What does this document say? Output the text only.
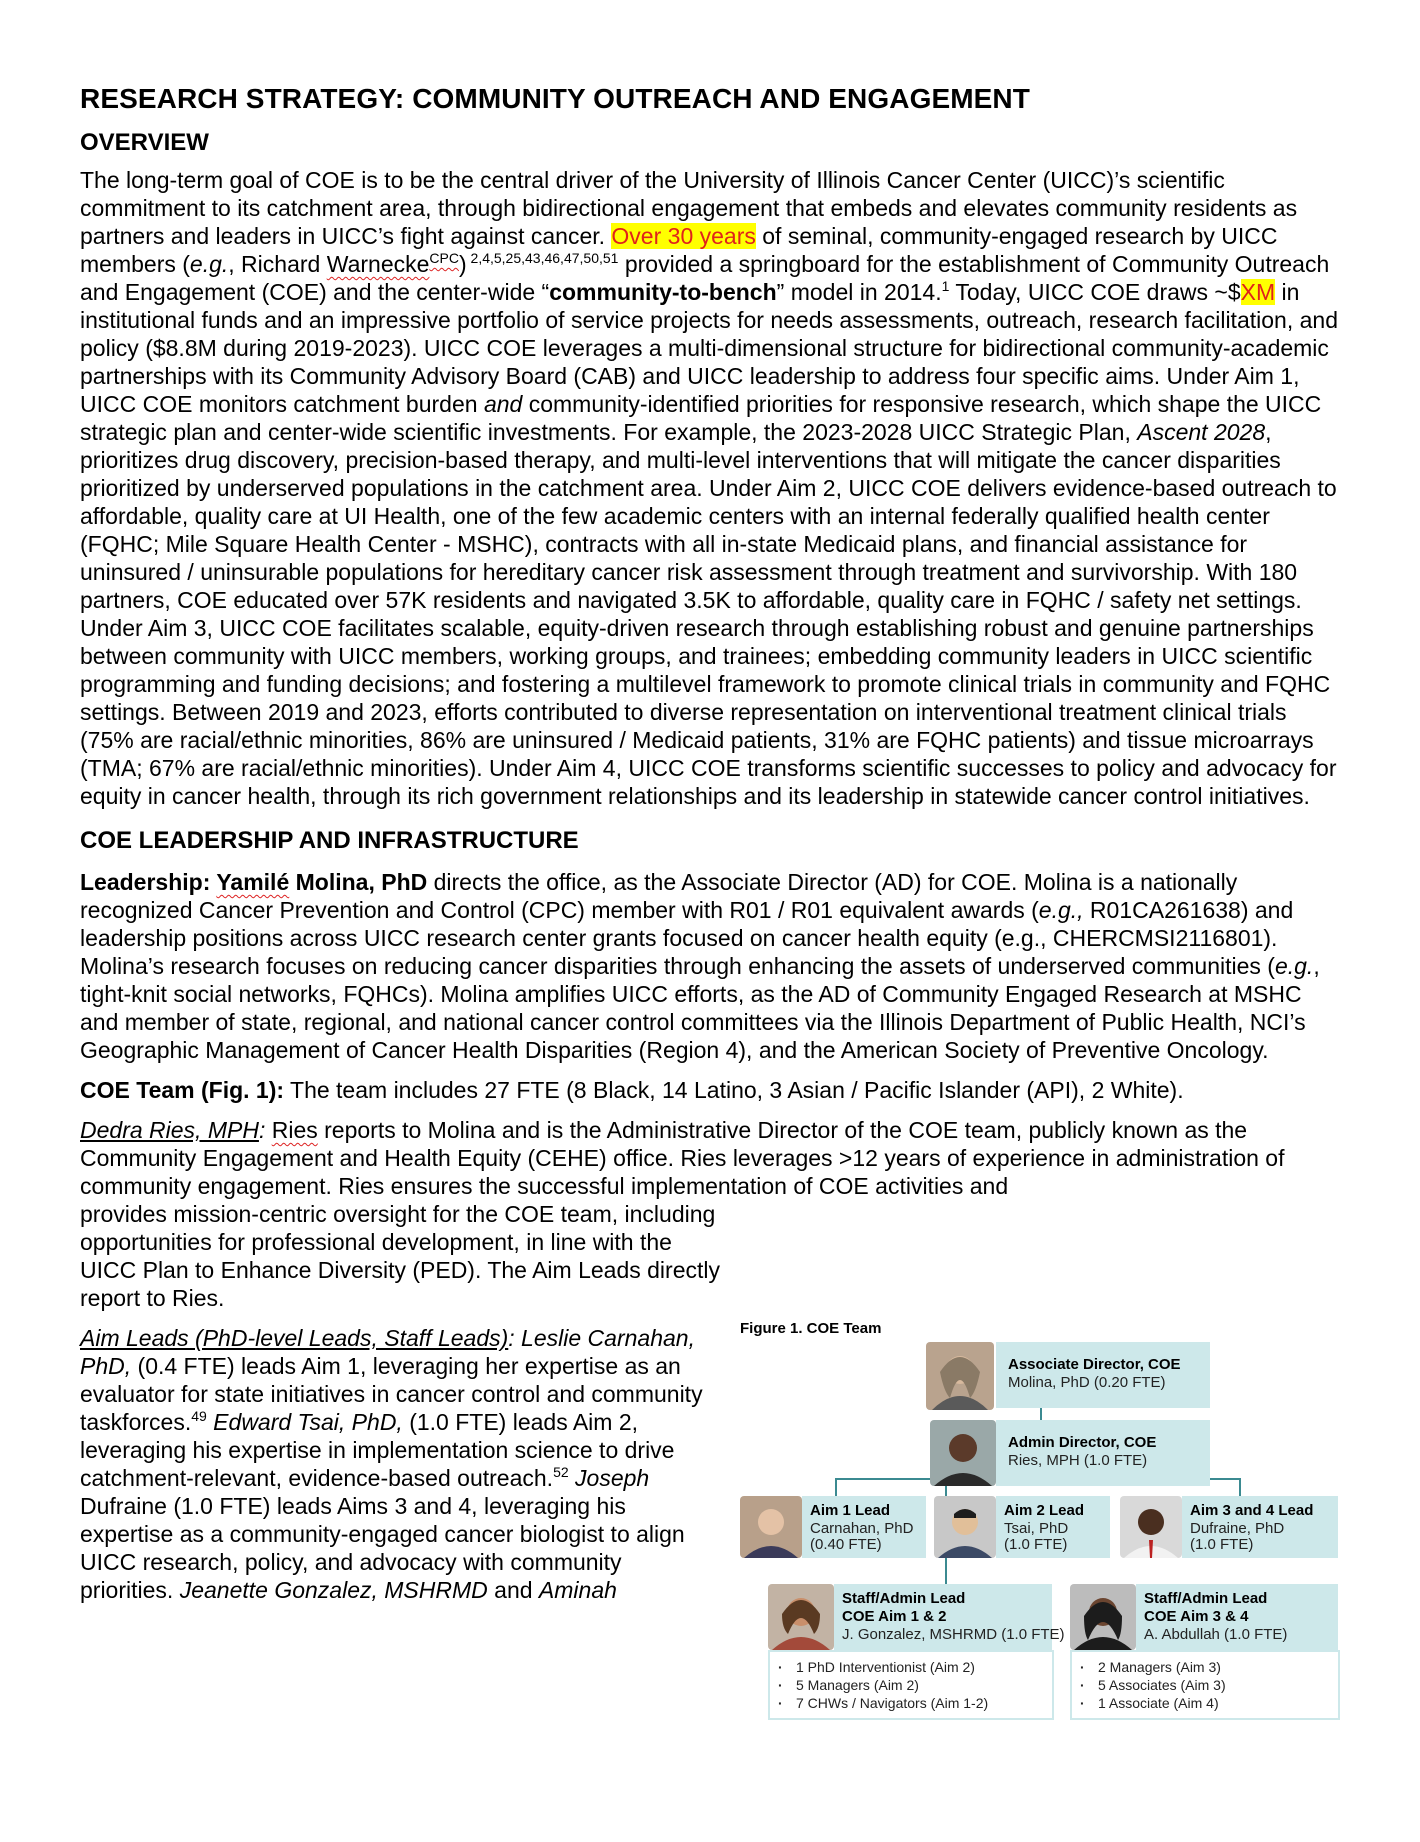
RESEARCH STRATEGY: COMMUNITY OUTREACH AND ENGAGEMENT
OVERVIEW

The long-term goal of COE is to be the central driver of the University of Illinois Cancer Center (UICC)’s scientific commitment to its catchment area, through bidirectional engagement that embeds and elevates community residents as partners and leaders in UICC’s fight against cancer. Over 30 years of seminal, community-engaged research by UICC members (e.g., Richard Warnecke$^{CPC}$) $^{2,4,5,25,43,46,47,50,51}$ provided a springboard for the establishment of Community Outreach and Engagement (COE) and the center-wide “community-to-bench” model in 2014.$^1$ Today, UICC COE draws ~$XM in institutional funds and an impressive portfolio of service projects for needs assessments, outreach, research facilitation, and policy ($8.8M during 2019-2023). UICC COE leverages a multi-dimensional structure for bidirectional community-academic partnerships with its Community Advisory Board (CAB) and UICC leadership to address four specific aims. Under Aim 1, UICC COE monitors catchment burden and community-identified priorities for responsive research, which shape the UICC strategic plan and center-wide scientific investments. For example, the 2023-2028 UICC Strategic Plan, Ascent 2028, prioritizes drug discovery, precision-based therapy, and multi-level interventions that will mitigate the cancer disparities prioritized by underserved populations in the catchment area. Under Aim 2, UICC COE delivers evidence-based outreach to affordable, quality care at UI Health, one of the few academic centers with an internal federally qualified health center (FQHC; Mile Square Health Center - MSHC), contracts with all in-state Medicaid plans, and financial assistance for uninsured / uninsurable populations for hereditary cancer risk assessment through treatment and survivorship. With 180 partners, COE educated over 57K residents and navigated 3.5K to affordable, quality care in FQHC / safety net settings. Under Aim 3, UICC COE facilitates scalable, equity-driven research through establishing robust and genuine partnerships between community with UICC members, working groups, and trainees; embedding community leaders in UICC scientific programming and funding decisions; and fostering a multilevel framework to promote clinical trials in community and FQHC settings. Between 2019 and 2023, efforts contributed to diverse representation on interventional treatment clinical trials (75% are racial/ethnic minorities, 86% are uninsured / Medicaid patients, 31% are FQHC patients) and tissue microarrays (TMA; 67% are racial/ethnic minorities). Under Aim 4, UICC COE transforms scientific successes to policy and advocacy for equity in cancer health, through its rich government relationships and its leadership in statewide cancer control initiatives.

COE LEADERSHIP AND INFRASTRUCTURE

Leadership: Yamilé Molina, PhD directs the office, as the Associate Director (AD) for COE. Molina is a nationally recognized Cancer Prevention and Control (CPC) member with R01 / R01 equivalent awards (e.g., R01CA261638) and leadership positions across UICC research center grants focused on cancer health equity (e.g., CHERCMSI2116801). Molina’s research focuses on reducing cancer disparities through enhancing the assets of underserved communities (e.g., tight-knit social networks, FQHCs). Molina amplifies UICC efforts, as the AD of Community Engaged Research at MSHC and member of state, regional, and national cancer control committees via the Illinois Department of Public Health, NCI’s Geographic Management of Cancer Health Disparities (Region 4), and the American Society of Preventive Oncology.

COE Team (Fig. 1): The team includes 27 FTE (8 Black, 14 Latino, 3 Asian / Pacific Islander (API), 2 White).

Dedra Ries, MPH: Ries reports to Molina and is the Administrative Director of the COE team, publicly known as the Community Engagement and Health Equity (CEHE) office. Ries leverages >12 years of experience in administration of community engagement. Ries ensures the successful implementation of COE activities and

provides mission-centric oversight for the COE team, including opportunities for professional development, in line with the UICC Plan to Enhance Diversity (PED). The Aim Leads directly report to Ries.

Aim Leads (PhD-level Leads, Staff Leads): Leslie Carnahan, PhD, (0.4 FTE) leads Aim 1, leveraging her expertise as an evaluator for state initiatives in cancer control and community taskforces.$^{49}$ Edward Tsai, PhD, (1.0 FTE) leads Aim 2, leveraging his expertise in implementation science to drive catchment-relevant, evidence-based outreach.$^{52}$ Joseph Dufraine (1.0 FTE) leads Aims 3 and 4, leveraging his expertise as a community-engaged cancer biologist to align UICC research, policy, and advocacy with community priorities. Jeanette Gonzalez, MSHRMD and Aminah

Figure 1. COE Team
Associate Director, COE
Molina, PhD (0.20 FTE)
Admin Director, COE
Ries, MPH (1.0 FTE)
Aim 1 Lead
Carnahan, PhD
(0.40 FTE)
Aim 2 Lead
Tsai, PhD
(1.0 FTE)
Aim 3 and 4 Lead
Dufraine, PhD
(1.0 FTE)
Staff/Admin Lead
COE Aim 1 & 2
J. Gonzalez, MSHRMD (1.0 FTE)
· 1 PhD Interventionist (Aim 2)
· 5 Managers (Aim 2)
· 7 CHWs / Navigators (Aim 1-2)
Staff/Admin Lead
COE Aim 3 & 4
A. Abdullah (1.0 FTE)
· 2 Managers (Aim 3)
· 5 Associates (Aim 3)
· 1 Associate (Aim 4)
